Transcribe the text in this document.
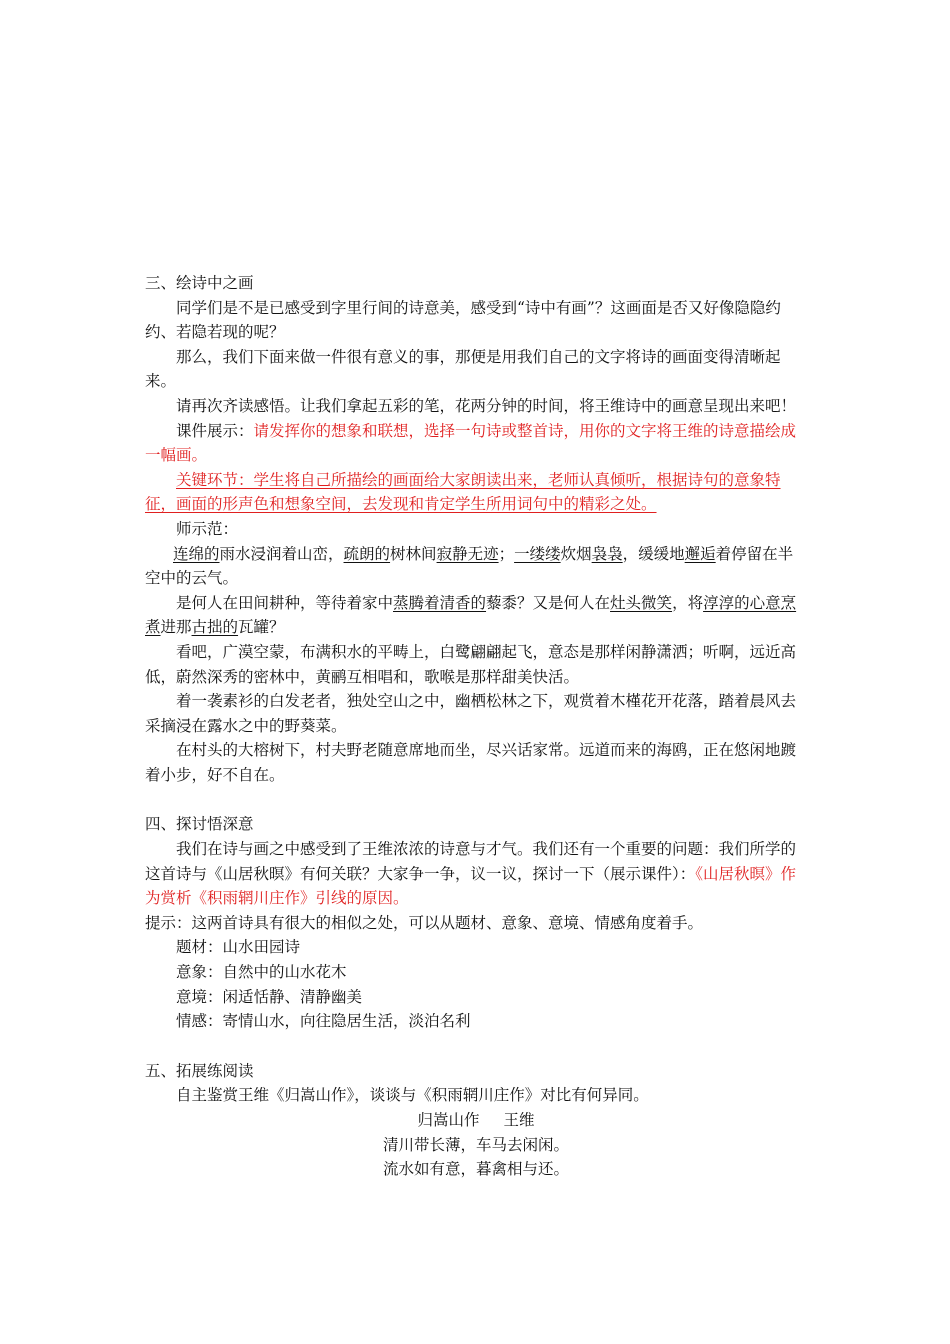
三、绘诗中之画

同学们是不是已感受到字里行间的诗意美，感受到“诗中有画”？这画面是否又好像隐隐约约、若隐若现的呢？

那么，我们下面来做一件很有意义的事，那便是用我们自己的文字将诗的画面变得清晰起来。

请再次齐读感悟。让我们拿起五彩的笔，花两分钟的时间，将王维诗中的画意呈现出来吧！

课件展示：请发挥你的想象和联想，选择一句诗或整首诗，用你的文字将王维的诗意描绘成一幅画。

关键环节：学生将自己所描绘的画面给大家朗读出来，老师认真倾听，根据诗句的意象特征，画面的形声色和想象空间，去发现和肯定学生所用词句中的精彩之处。

师示范：

连绵的雨水浸润着山峦，疏朗的树林间寂静无迹；一缕缕炊烟袅袅，缓缓地邂逅着停留在半空中的云气。

是何人在田间耕种，等待着家中蒸腾着清香的藜黍？又是何人在灶头微笑，将淳淳的心意烹煮进那古拙的瓦罐？

看吧，广漠空蒙，布满积水的平畴上，白鹭翩翩起飞，意态是那样闲静潇洒；听啊，远近高低，蔚然深秀的密林中，黄鹂互相唱和，歌喉是那样甜美快活。

着一袭素衫的白发老者，独处空山之中，幽栖松林之下，观赏着木槿花开花落，踏着晨风去采摘浸在露水之中的野葵菜。

在村头的大榕树下，村夫野老随意席地而坐，尽兴话家常。远道而来的海鸥，正在悠闲地踱着小步，好不自在。

四、探讨悟深意

我们在诗与画之中感受到了王维浓浓的诗意与才气。我们还有一个重要的问题：我们所学的这首诗与《山居秋暝》有何关联？大家争一争，议一议，探讨一下（展示课件）：《山居秋暝》作为赏析《积雨辋川庄作》引线的原因。

提示：这两首诗具有很大的相似之处，可以从题材、意象、意境、情感角度着手。

题材：山水田园诗

意象：自然中的山水花木

意境：闲适恬静、清静幽美

情感：寄情山水，向往隐居生活，淡泊名利

五、拓展练阅读

自主鉴赏王维《归嵩山作》，谈谈与《积雨辋川庄作》对比有何异同。

归嵩山作 王维

清川带长薄，车马去闲闲。

流水如有意，暮禽相与还。
